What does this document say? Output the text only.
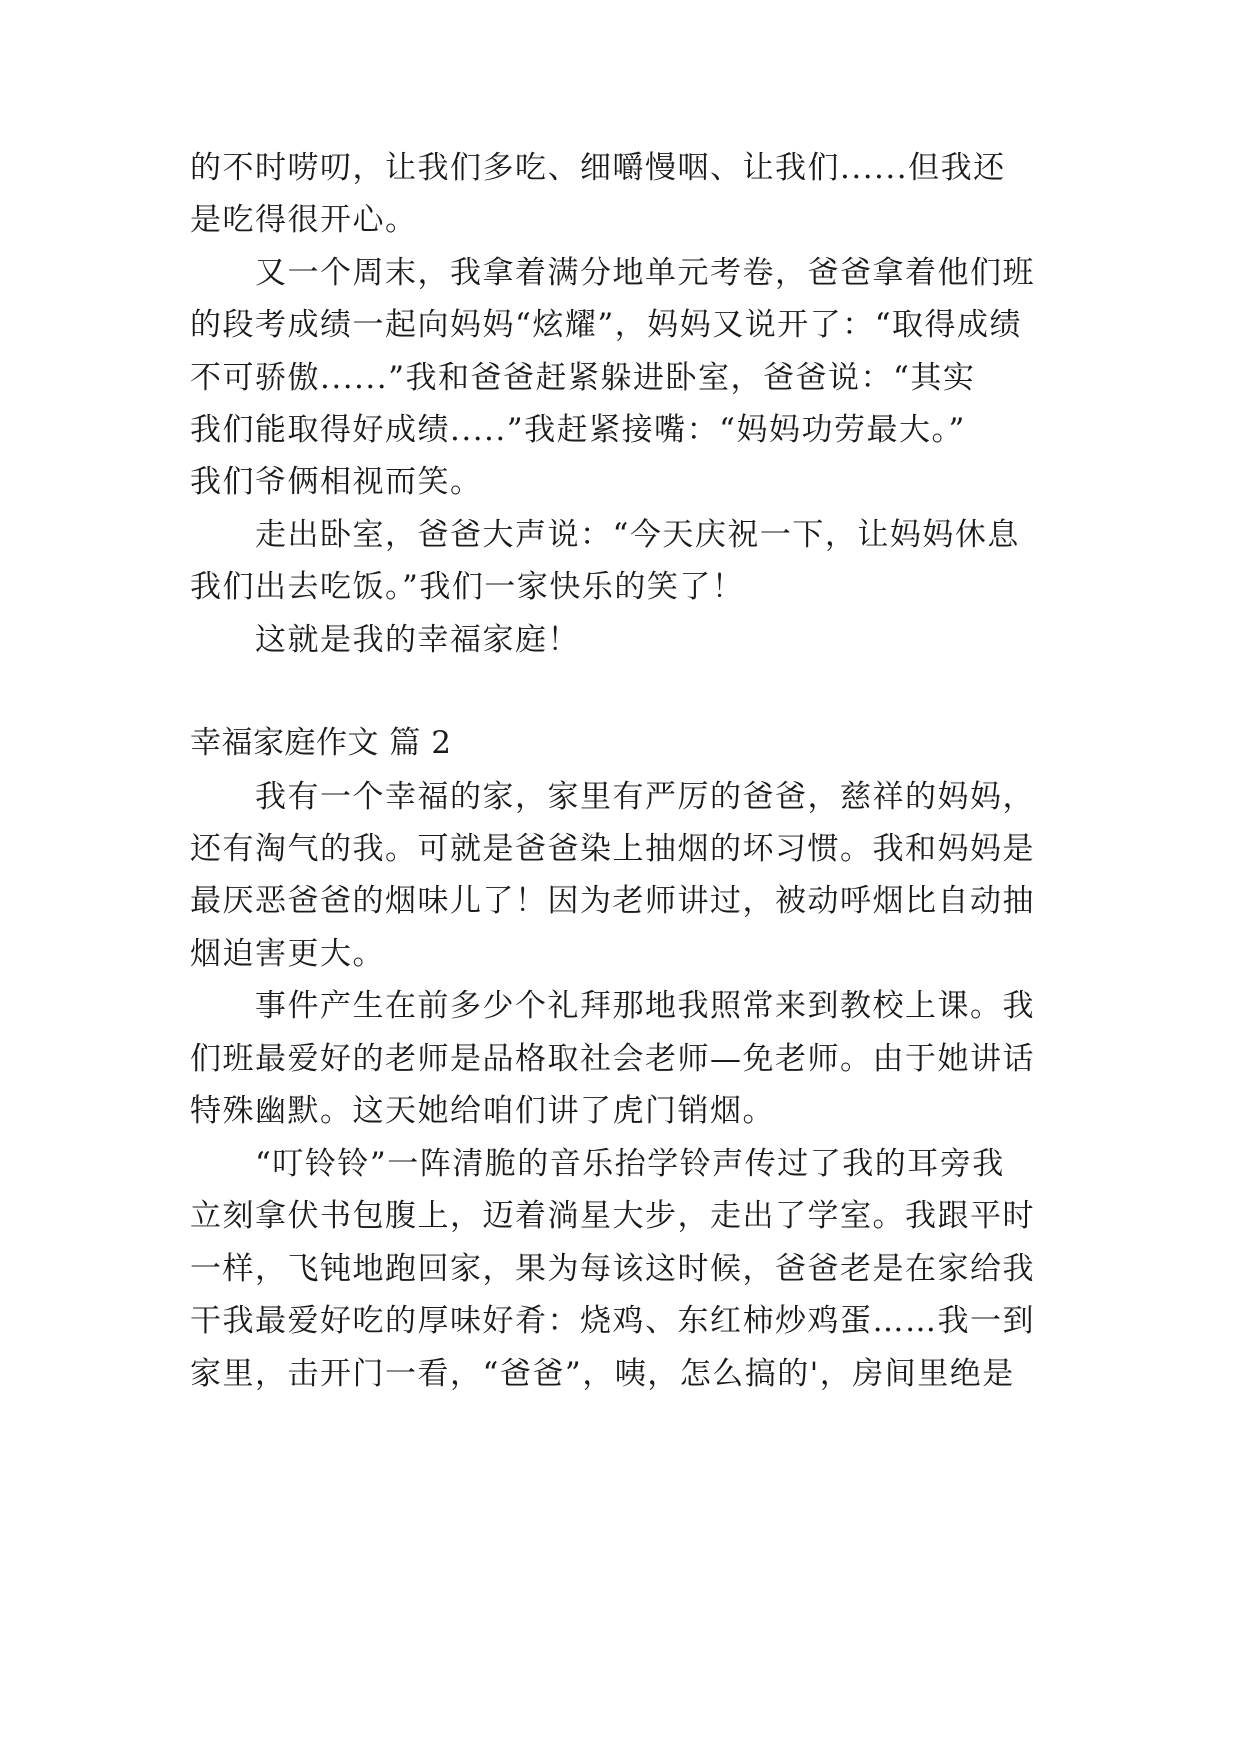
的不时唠叨，让我们多吃、细嚼慢咽、让我们......但我还
是吃得很开心。
又一个周末，我拿着满分地单元考卷，爸爸拿着他们班
的段考成绩一起向妈妈“炫耀”，妈妈又说开了：“取得成绩
不可骄傲......”我和爸爸赶紧躲进卧室，爸爸说：“其实
我们能取得好成绩.....”我赶紧接嘴：“妈妈功劳最大。”
我们爷俩相视而笑。
走出卧室，爸爸大声说：“今天庆祝一下，让妈妈休息
我们出去吃饭。”我们一家快乐的笑了！
这就是我的幸福家庭！
幸福家庭作文 篇 2
我有一个幸福的家，家里有严厉的爸爸，慈祥的妈妈，
还有淘气的我。可就是爸爸染上抽烟的坏习惯。我和妈妈是
最厌恶爸爸的烟味儿了！因为老师讲过，被动呼烟比自动抽
烟迫害更大。
事件产生在前多少个礼拜那地我照常来到教校上课。我
们班最爱好的老师是品格取社会老师—免老师。由于她讲话
特殊幽默。这天她给咱们讲了虎门销烟。
“叮铃铃”一阵清脆的音乐抬学铃声传过了我的耳旁我
立刻拿伏书包腹上，迈着淌星大步，走出了学室。我跟平时
一样，飞钝地跑回家，果为每该这时候，爸爸老是在家给我
干我最爱好吃的厚味好肴：烧鸡、东红柿炒鸡蛋……我一到
家里，击开门一看，“爸爸”，咦，怎么搞的'，房间里绝是
